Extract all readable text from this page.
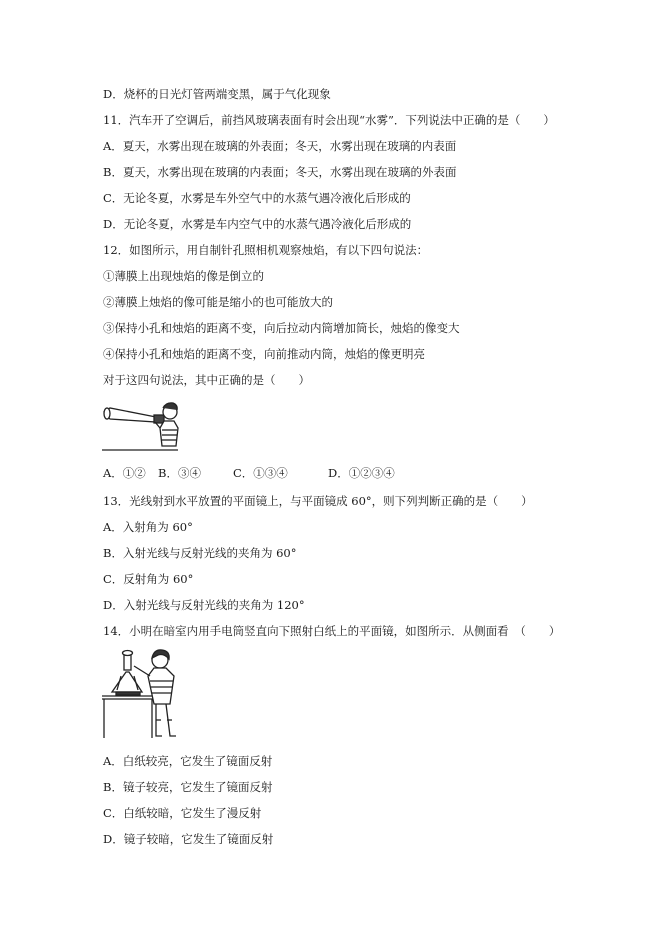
D．烧杯的日光灯管两端变黑，属于气化现象
11．汽车开了空调后，前挡风玻璃表面有时会出现“水雾”．下列说法中正确的是（　　）
A．夏天，水雾出现在玻璃的外表面；冬天，水雾出现在玻璃的内表面
B．夏天，水雾出现在玻璃的内表面；冬天，水雾出现在玻璃的外表面
C．无论冬夏，水雾是车外空气中的水蒸气遇冷液化后形成的
D．无论冬夏，水雾是车内空气中的水蒸气遇冷液化后形成的
12．如图所示，用自制针孔照相机观察烛焰，有以下四句说法：
①薄膜上出现烛焰的像是倒立的
②薄膜上烛焰的像可能是缩小的也可能放大的
③保持小孔和烛焰的距离不变，向后拉动内筒增加筒长，烛焰的像变大
④保持小孔和烛焰的距离不变，向前推动内筒，烛焰的像更明亮
对于这四句说法，其中正确的是（　　）
A．①②	B．③④	C．①③④	D．①②③④
13．光线射到水平放置的平面镜上，与平面镜成 60°，则下列判断正确的是（　　）
A．入射角为 60°
B．入射光线与反射光线的夹角为 60°
C．反射角为 60°
D．入射光线与反射光线的夹角为 120°
14．小明在暗室内用手电筒竖直向下照射白纸上的平面镜，如图所示．从侧面看　（　　）
A．白纸较亮，它发生了镜面反射
B．镜子较亮，它发生了镜面反射
C．白纸较暗，它发生了漫反射
D．镜子较暗，它发生了镜面反射
